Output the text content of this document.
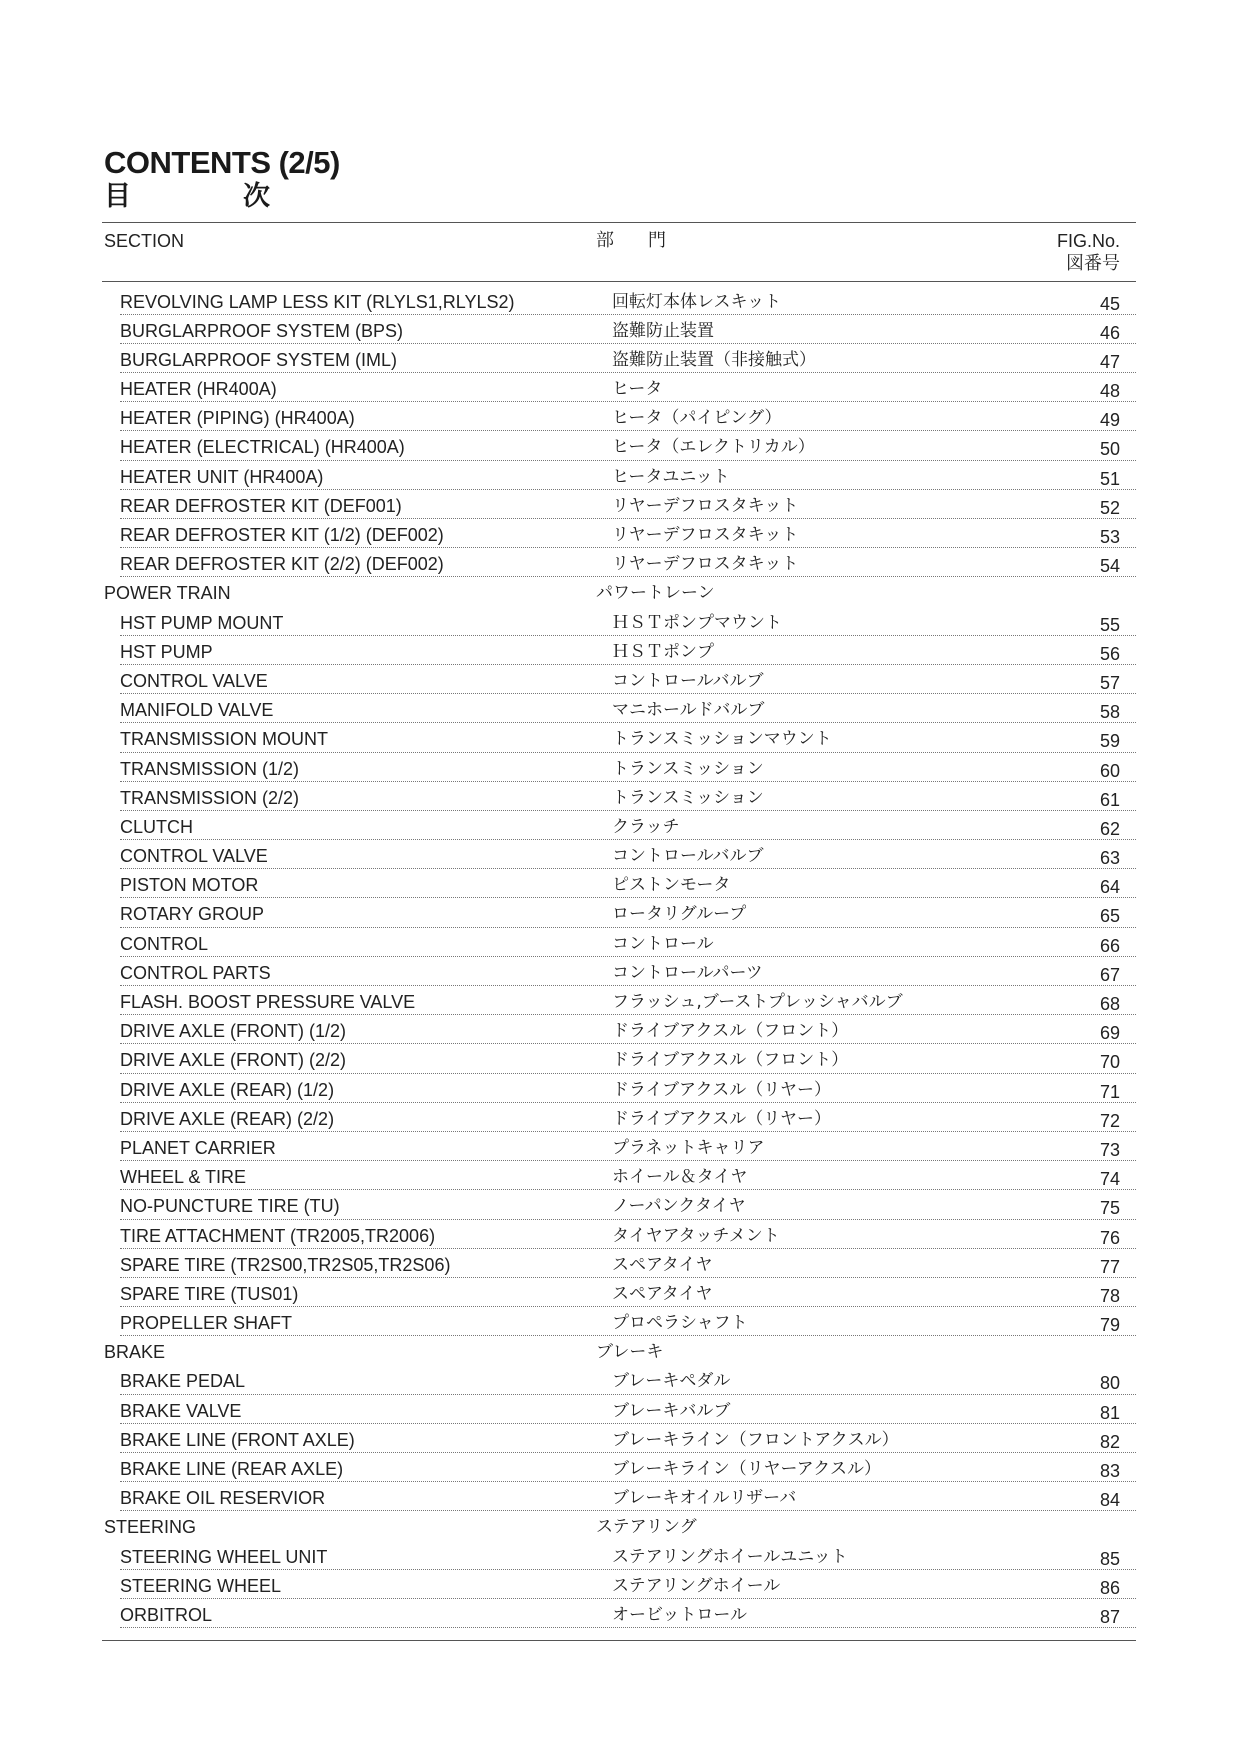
CONTENTS (2/5)
目	次
SECTION	部 門	FIG.No.
図番号
REVOLVING LAMP LESS KIT (RLYLS1,RLYLS2)	回転灯本体レスキット	45
BURGLARPROOF SYSTEM (BPS)	盗難防止装置	46
BURGLARPROOF SYSTEM (IML)	盗難防止装置（非接触式）	47
HEATER (HR400A)	ヒータ	48
HEATER (PIPING) (HR400A)	ヒータ（パイピング）	49
HEATER (ELECTRICAL) (HR400A)	ヒータ（エレクトリカル）	50
HEATER UNIT (HR400A)	ヒータユニット	51
REAR DEFROSTER KIT (DEF001)	リヤーデフロスタキット	52
REAR DEFROSTER KIT (1/2) (DEF002)	リヤーデフロスタキット	53
REAR DEFROSTER KIT (2/2) (DEF002)	リヤーデフロスタキット	54
POWER TRAIN	パワートレーン
HST PUMP MOUNT	ＨＳＴポンプマウント	55
HST PUMP	ＨＳＴポンプ	56
CONTROL VALVE	コントロールバルブ	57
MANIFOLD VALVE	マニホールドバルブ	58
TRANSMISSION MOUNT	トランスミッションマウント	59
TRANSMISSION (1/2)	トランスミッション	60
TRANSMISSION (2/2)	トランスミッション	61
CLUTCH	クラッチ	62
CONTROL VALVE	コントロールバルブ	63
PISTON MOTOR	ピストンモータ	64
ROTARY GROUP	ロータリグループ	65
CONTROL	コントロール	66
CONTROL PARTS	コントロールパーツ	67
FLASH. BOOST PRESSURE VALVE	フラッシュ,ブーストプレッシャバルブ	68
DRIVE AXLE (FRONT) (1/2)	ドライブアクスル（フロント）	69
DRIVE AXLE (FRONT) (2/2)	ドライブアクスル（フロント）	70
DRIVE AXLE (REAR) (1/2)	ドライブアクスル（リヤー）	71
DRIVE AXLE (REAR) (2/2)	ドライブアクスル（リヤー）	72
PLANET CARRIER	プラネットキャリア	73
WHEEL & TIRE	ホイール＆タイヤ	74
NO-PUNCTURE TIRE (TU)	ノーパンクタイヤ	75
TIRE ATTACHMENT (TR2005,TR2006)	タイヤアタッチメント	76
SPARE TIRE (TR2S00,TR2S05,TR2S06)	スペアタイヤ	77
SPARE TIRE (TUS01)	スペアタイヤ	78
PROPELLER SHAFT	プロペラシャフト	79
BRAKE	ブレーキ
BRAKE PEDAL	ブレーキペダル	80
BRAKE VALVE	ブレーキバルブ	81
BRAKE LINE (FRONT AXLE)	ブレーキライン（フロントアクスル）	82
BRAKE LINE (REAR AXLE)	ブレーキライン（リヤーアクスル）	83
BRAKE OIL RESERVIOR	ブレーキオイルリザーバ	84
STEERING	ステアリング
STEERING WHEEL UNIT	ステアリングホイールユニット	85
STEERING WHEEL	ステアリングホイール	86
ORBITROL	オービットロール	87
